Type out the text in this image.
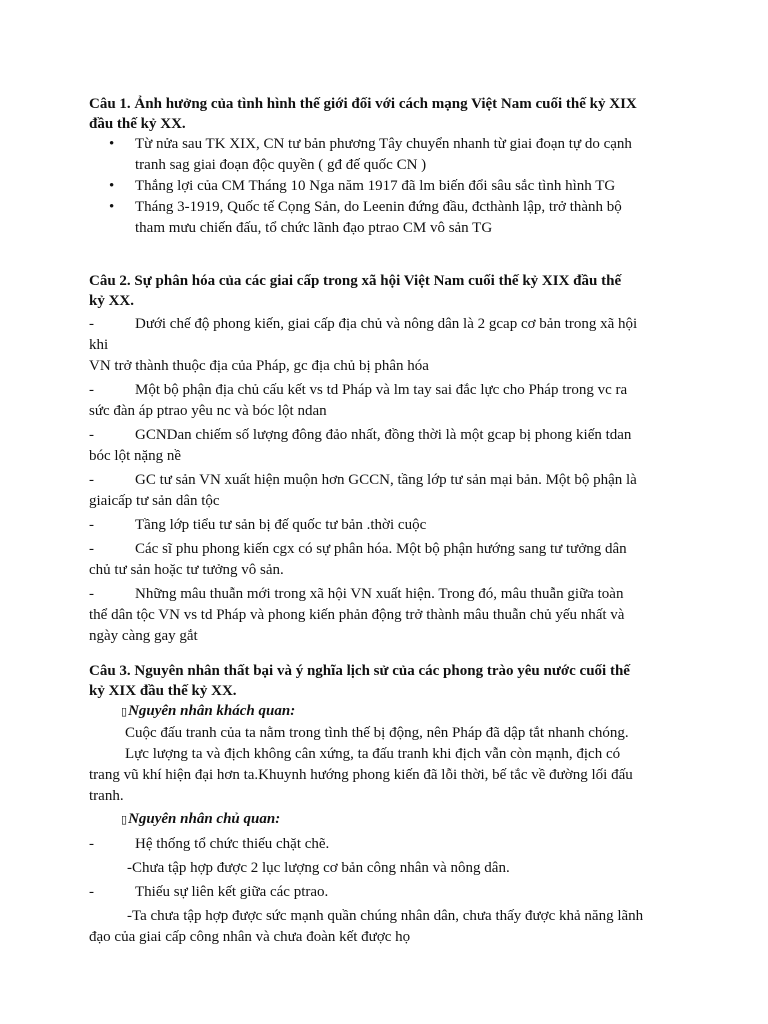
Câu 1. Ảnh hưởng của tình hình thế giới đối với cách mạng Việt Nam cuối thế kỷ XIX
đầu thế kỷ XX.
• Từ nửa sau TK XIX, CN tư bản phương Tây chuyển nhanh từ giai đoạn tự do cạnh
tranh sag giai đoạn độc quyền ( gđ đế quốc CN )
• Thắng lợi của CM Tháng 10 Nga năm 1917 đã lm biến đổi sâu sắc tình hình TG
• Tháng 3-1919, Quốc tế Cọng Sản, do Leenin đứng đầu, đcthành lập, trở thành bộ
tham mưu chiến đấu, tổ chức lãnh đạo ptrao CM vô sản TG
Câu 2. Sự phân hóa của các giai cấp trong xã hội Việt Nam cuối thế kỷ XIX đầu thế
kỷ XX.
-	Dưới chế độ phong kiến, giai cấp địa chủ và nông dân là 2 gcap cơ bản trong xã hội
khi
VN trở thành thuộc địa của Pháp, gc địa chủ bị phân hóa
-	Một bộ phận địa chủ cấu kết vs td Pháp và lm tay sai đắc lực cho Pháp trong vc ra
sức đàn áp ptrao yêu nc và bóc lột ndan
-	GCNDan chiếm số lượng đông đảo nhất, đồng thời là một gcap bị phong kiến tdan
bóc lột nặng nề
-	GC tư sản VN xuất hiện muộn hơn GCCN, tầng lớp tư sản mại bản. Một bộ phận là
giaicấp tư sản dân tộc
-	Tầng lớp tiểu tư sản bị đế quốc tư bản .thời cuộc
-	Các sĩ phu phong kiến cgx có sự phân hóa. Một bộ phận hướng sang tư tưởng dân
chủ tư sản hoặc tư tưởng vô sản.
-	Những mâu thuẫn mới trong xã hội VN xuất hiện. Trong đó, mâu thuẫn giữa toàn
thể dân tộc VN vs td Pháp và phong kiến phản động trở thành mâu thuẫn chủ yếu nhất và
ngày càng gay gắt
Câu 3. Nguyên nhân thất bại và ý nghĩa lịch sử của các phong trào yêu nước cuối thế
kỷ XIX đầu thế kỷ XX.
▯Nguyên nhân khách quan:
Cuộc đấu tranh của ta nằm trong tình thế bị động, nên Pháp đã dập tắt nhanh chóng.
Lực lượng ta và địch không cân xứng, ta đấu tranh khi địch vẫn còn mạnh, địch có
trang vũ khí hiện đại hơn ta.Khuynh hướng phong kiến đã lỗi thời, bế tắc về đường lối đấu
tranh.
▯Nguyên nhân chủ quan:
-	Hệ thống tổ chức thiếu chặt chẽ.
-Chưa tập hợp được 2 lục lượng cơ bản công nhân và nông dân.
-	Thiếu sự liên kết giữa các ptrao.
-Ta chưa tập hợp được sức mạnh quần chúng nhân dân, chưa thấy được khả năng lãnh
đạo của giai cấp công nhân và chưa đoàn kết được họ
